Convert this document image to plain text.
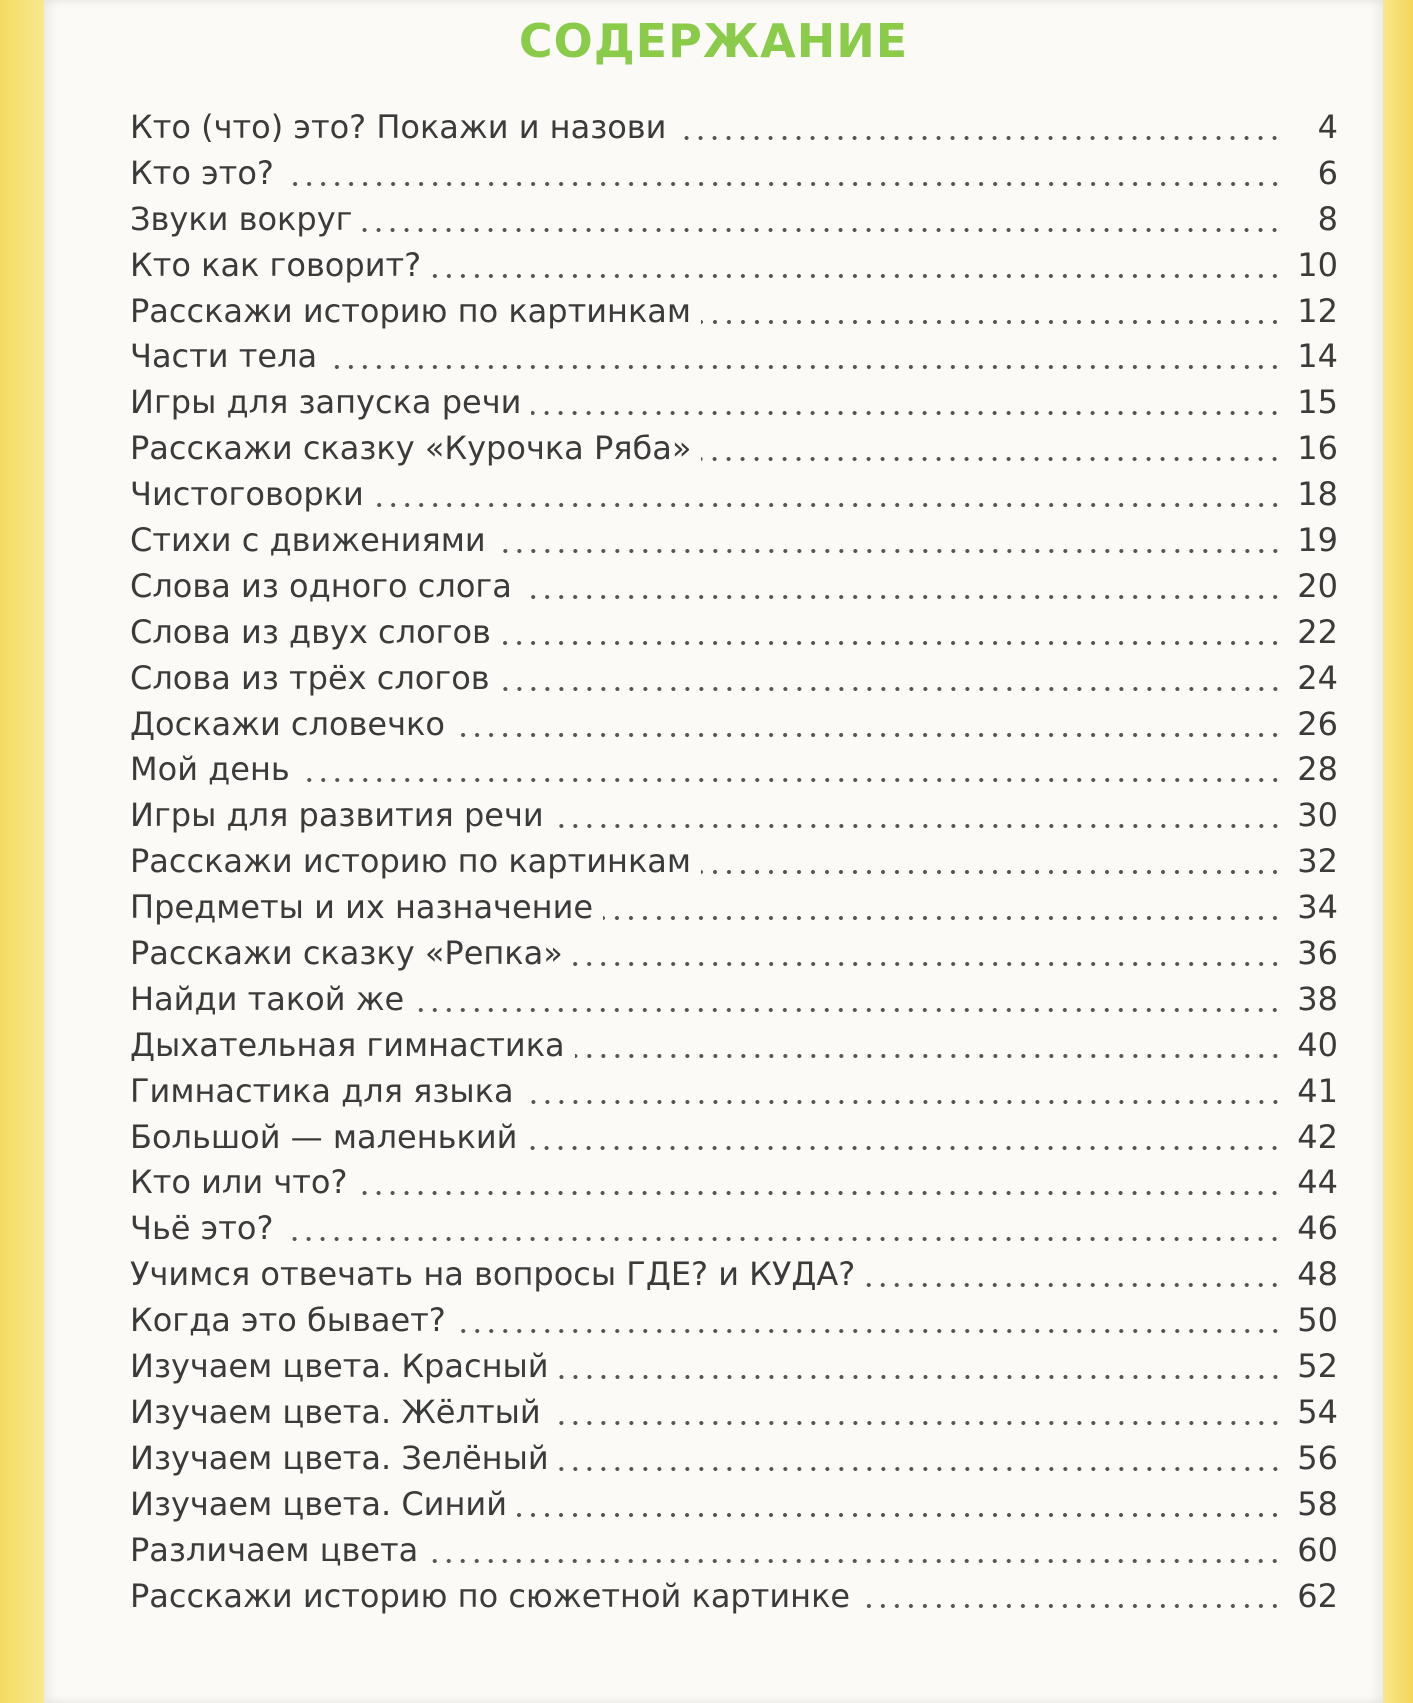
СОДЕРЖАНИЕ
Кто (что) это? Покажи и назови	4
Кто это?	6
Звуки вокруг	8
Кто как говорит?	10
Расскажи историю по картинкам	12
Части тела	14
Игры для запуска речи	15
Расскажи сказку «Курочка Ряба»	16
Чистоговорки	18
Стихи с движениями	19
Слова из одного слога	20
Слова из двух слогов	22
Слова из трёх слогов	24
Доскажи словечко	26
Мой день	28
Игры для развития речи	30
Расскажи историю по картинкам	32
Предметы и их назначение	34
Расскажи сказку «Репка»	36
Найди такой же	38
Дыхательная гимнастика	40
Гимнастика для языка	41
Большой — маленький	42
Кто или что?	44
Чьё это?	46
Учимся отвечать на вопросы ГДЕ? и КУДА?	48
Когда это бывает?	50
Изучаем цвета. Красный	52
Изучаем цвета. Жёлтый	54
Изучаем цвета. Зелёный	56
Изучаем цвета. Синий	58
Различаем цвета	60
Расскажи историю по сюжетной картинке	62
